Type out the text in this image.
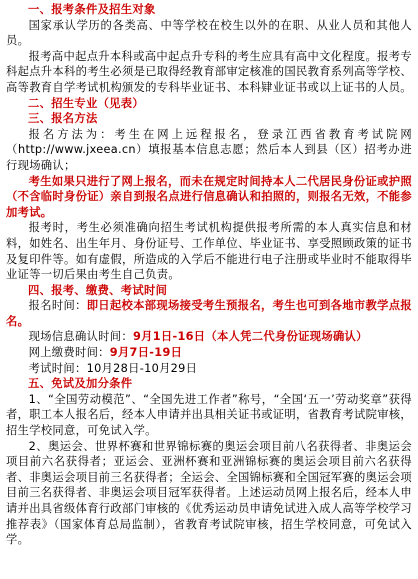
一、报考条件及招生对象

国家承认学历的各类高、中等学校在校生以外的在职、从业人员和其他人员。

报考高中起点升本科或高中起点升专科的考生应具有高中文化程度。报考专科起点升本科的考生必须是已取得经教育部审定核准的国民教育系列高等学校、高等教育自学考试机构颁发的专科毕业证书、本科肄业证书或以上证书的人员。

二、招生专业（见表）

三、报名方法

报名方法为：考生在网上远程报名，登录江西省教育考试院网（http://www.jxeea.cn）填报基本信息志愿；然后本人到县（区）招考办进行现场确认；

考生如果只进行了网上报名，而未在规定时间持本人二代居民身份证或护照（不含临时身份证）亲自到报名点进行信息确认和拍照的，则报名无效，不能参加考试。

报考时，考生必须准确向招生考试机构提供报考所需的本人真实信息和材料，如姓名、出生年月、身份证号、工作单位、毕业证书、享受照顾政策的证书及复印件等。如有虚假，所造成的入学后不能进行电子注册或毕业时不能取得毕业证等一切后果由考生自己负责。

四、报考、缴费、考试时间

报名时间：即日起校本部现场接受考生预报名，考生也可到各地市教学点报名。

现场信息确认时间：9月1日-16日（本人凭二代身份证现场确认）

网上缴费时间：9月7日-19日

考试时间：10月28日-10月29日

五、免试及加分条件

1、“全国劳动模范”、“全国先进工作者”称号，“全国‘五一’劳动奖章”获得者，职工本人报名后，经本人申请并出具相关证书或证明，省教育考试院审核，招生学校同意，可免试入学。

2、奥运会、世界杯赛和世界锦标赛的奥运会项目前八名获得者、非奥运会项目前六名获得者；亚运会、亚洲杯赛和亚洲锦标赛的奥运会项目前六名获得者、非奥运会项目前三名获得者；全运会、全国锦标赛和全国冠军赛的奥运会项目前三名获得者、非奥运会项目冠军获得者。上述运动员网上报名后，经本人申请并出具省级体育行政部门审核的《优秀运动员申请免试进入成人高等学校学习推荐表》（国家体育总局监制），省教育考试院审核，招生学校同意，可免试入学。
